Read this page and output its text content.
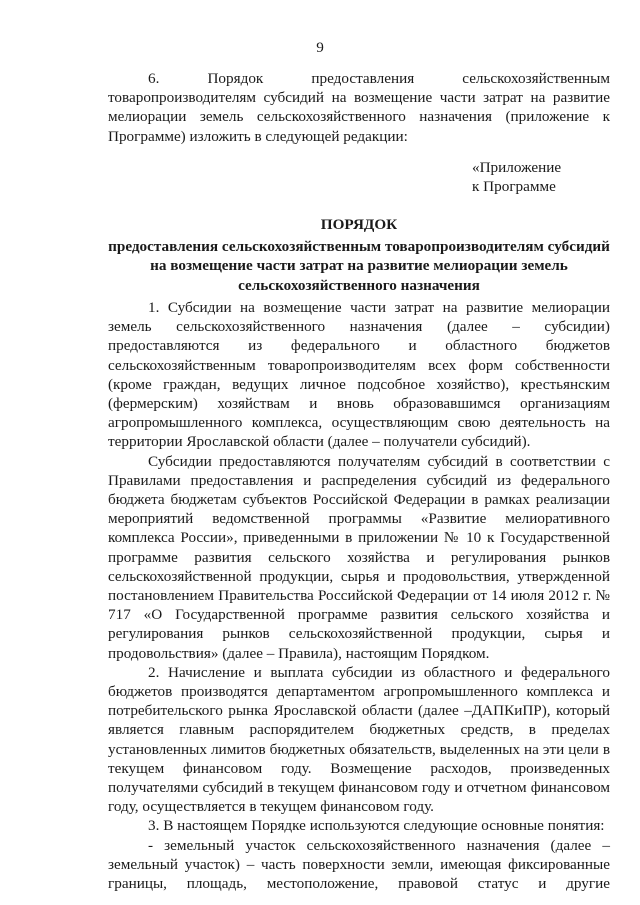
9

6. Порядок предоставления сельскохозяйственным

товаропроизводителям субсидий на возмещение части затрат на развитие мелиорации земель сельскохозяйственного назначения (приложение к Программе) изложить в следующей редакции:

«Приложение

к Программе

ПОРЯДОК

предоставления сельскохозяйственным товаропроизводителям субсидий

на возмещение части затрат на развитие мелиорации земель

сельскохозяйственного назначения

1. Субсидии на возмещение части затрат на развитие мелиорации земель сельскохозяйственного назначения (далее – субсидии) предоставляются из федерального и областного бюджетов сельскохозяйственным товаропроизводителям всех форм собственности (кроме граждан, ведущих личное подсобное хозяйство), крестьянским (фермерским) хозяйствам и вновь образовавшимся организациям агропромышленного комплекса, осуществляющим свою деятельность на территории Ярославской области (далее – получатели субсидий).

Субсидии предоставляются получателям субсидий в соответствии с Правилами предоставления и распределения субсидий из федерального бюджета бюджетам субъектов Российской Федерации в рамках реализации мероприятий ведомственной программы «Развитие мелиоративного комплекса России», приведенными в приложении № 10 к Государственной программе развития сельского хозяйства и регулирования рынков сельскохозяйственной продукции, сырья и продовольствия, утвержденной постановлением Правительства Российской Федерации от 14 июля 2012 г. № 717 «О Государственной программе развития сельского хозяйства и регулирования рынков сельскохозяйственной продукции, сырья и продовольствия» (далее – Правила), настоящим Порядком.

2. Начисление и выплата субсидии из областного и федерального бюджетов производятся департаментом агропромышленного комплекса и потребительского рынка Ярославской области (далее –ДАПКиПР), который является главным распорядителем бюджетных средств, в пределах установленных лимитов бюджетных обязательств, выделенных на эти цели в текущем финансовом году. Возмещение расходов, произведенных получателями субсидий в текущем финансовом году и отчетном финансовом году, осуществляется в текущем финансовом году.

3. В настоящем Порядке используются следующие основные понятия:

- земельный участок сельскохозяйственного назначения (далее –

земельный участок) – часть поверхности земли, имеющая фиксированные

границы, площадь, местоположение, правовой статус и другие
